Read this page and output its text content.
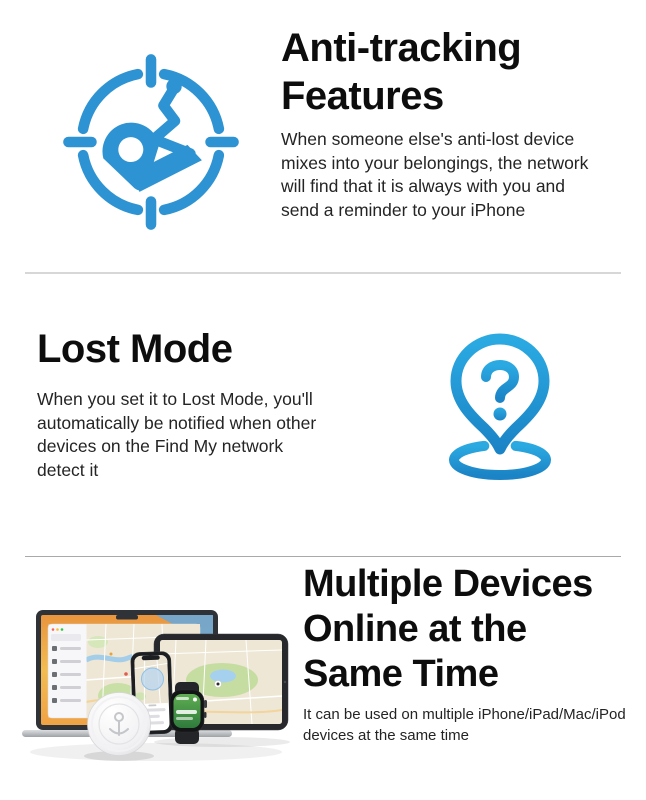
Anti-tracking
Features
When someone else's anti-lost device
mixes into your belongings, the network
will find that it is always with you and
send a reminder to your iPhone
Lost Mode
When you set it to Lost Mode, you'll
automatically be notified when other
devices on the Find My network
detect it
Multiple Devices
Online at the
Same Time
It can be used on multiple iPhone/iPad/Mac/iPod
devices at the same time
